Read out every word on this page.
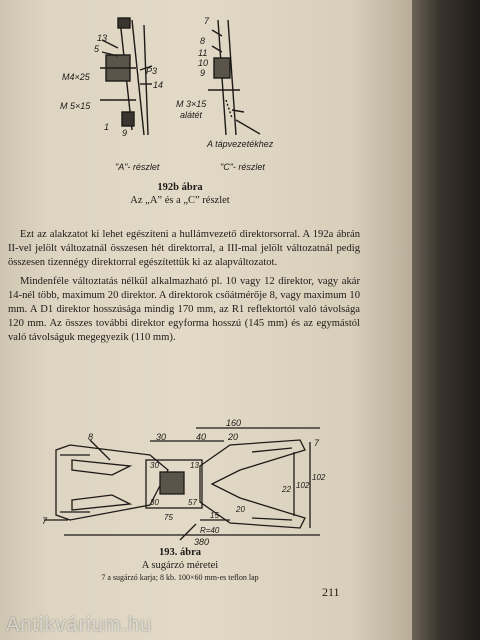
13
5
M4×25
M 5×15
1
P3
14
9
7
8
11
10
9
M 3×15
alátét
A tápvezetékhez
"A"- részlet	"C"- részlet
192b ábra
Az „A” és a „C” részlet

Ezt az alakzatot ki lehet egészíteni a hullámvezető direktorsorral. A 192a ábrán II-vel jelölt változatnál összesen hét direktorral, a III-mal jelölt változatnál pedig összesen tizennégy direktorral egészítettük ki az alapváltozatot.

Mindenféle változtatás nélkül alkalmazható pl. 10 vagy 12 direktor, vagy akár 14-nél több, maximum 20 direktor. A direktorok csőátmérője 8, vagy maximum 10 mm. A D1 direktor hosszúsága mindig 170 mm, az R1 reflektortól való távolsága 120 mm. Az összes további direktor egyforma hosszú (145 mm) és az egymástól való távolságuk megegyezik (110 mm).

160
30	40 20
30	13
30	57
22 102
102
20
15
75
380
R=40
8
7
7
193. ábra
A sugárzó méretei
7 a sugárzó karja; 8 kb. 100×60 mm-es teflon lap
211
Antikvárium.hu
